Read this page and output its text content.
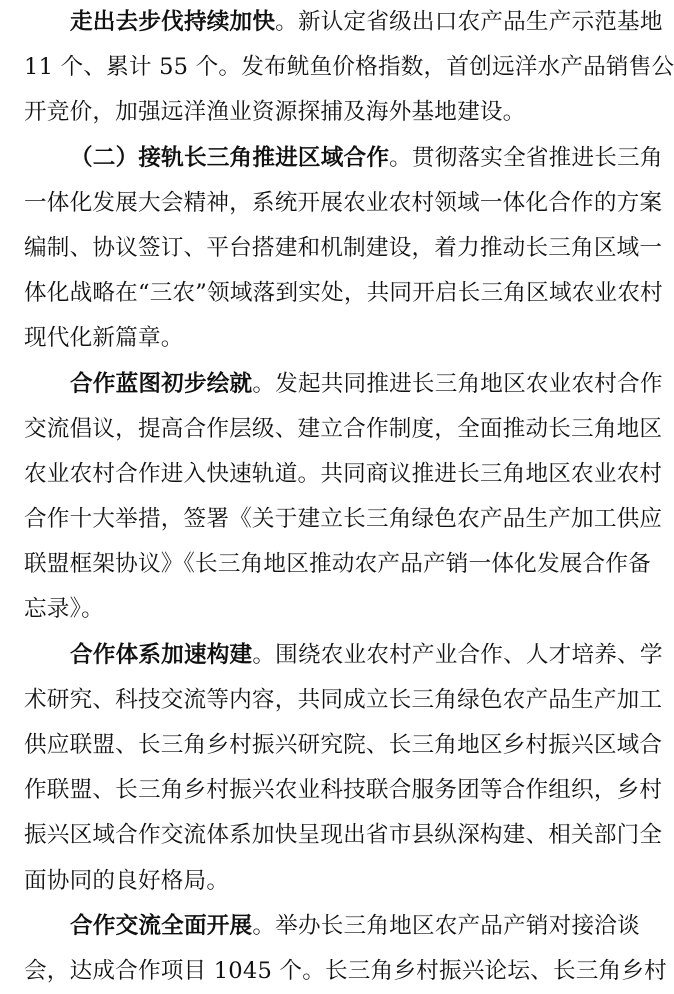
走出去步伐持续加快。新认定省级出口农产品生产示范基地
11 个、累计 55 个。发布鱿鱼价格指数，首创远洋水产品销售公
开竞价，加强远洋渔业资源探捕及海外基地建设。
（二）接轨长三角推进区域合作。贯彻落实全省推进长三角
一体化发展大会精神，系统开展农业农村领域一体化合作的方案
编制、协议签订、平台搭建和机制建设，着力推动长三角区域一
体化战略在“三农”领域落到实处，共同开启长三角区域农业农村
现代化新篇章。
合作蓝图初步绘就。发起共同推进长三角地区农业农村合作
交流倡议，提高合作层级、建立合作制度，全面推动长三角地区
农业农村合作进入快速轨道。共同商议推进长三角地区农业农村
合作十大举措，签署《关于建立长三角绿色农产品生产加工供应
联盟框架协议》《长三角地区推动农产品产销一体化发展合作备
忘录》。
合作体系加速构建。围绕农业农村产业合作、人才培养、学
术研究、科技交流等内容，共同成立长三角绿色农产品生产加工
供应联盟、长三角乡村振兴研究院、长三角地区乡村振兴区域合
作联盟、长三角乡村振兴农业科技联合服务团等合作组织，乡村
振兴区域合作交流体系加快呈现出省市县纵深构建、相关部门全
面协同的良好格局。
合作交流全面开展。举办长三角地区农产品产销对接洽谈
会，达成合作项目 1045 个。长三角乡村振兴论坛、长三角乡村
